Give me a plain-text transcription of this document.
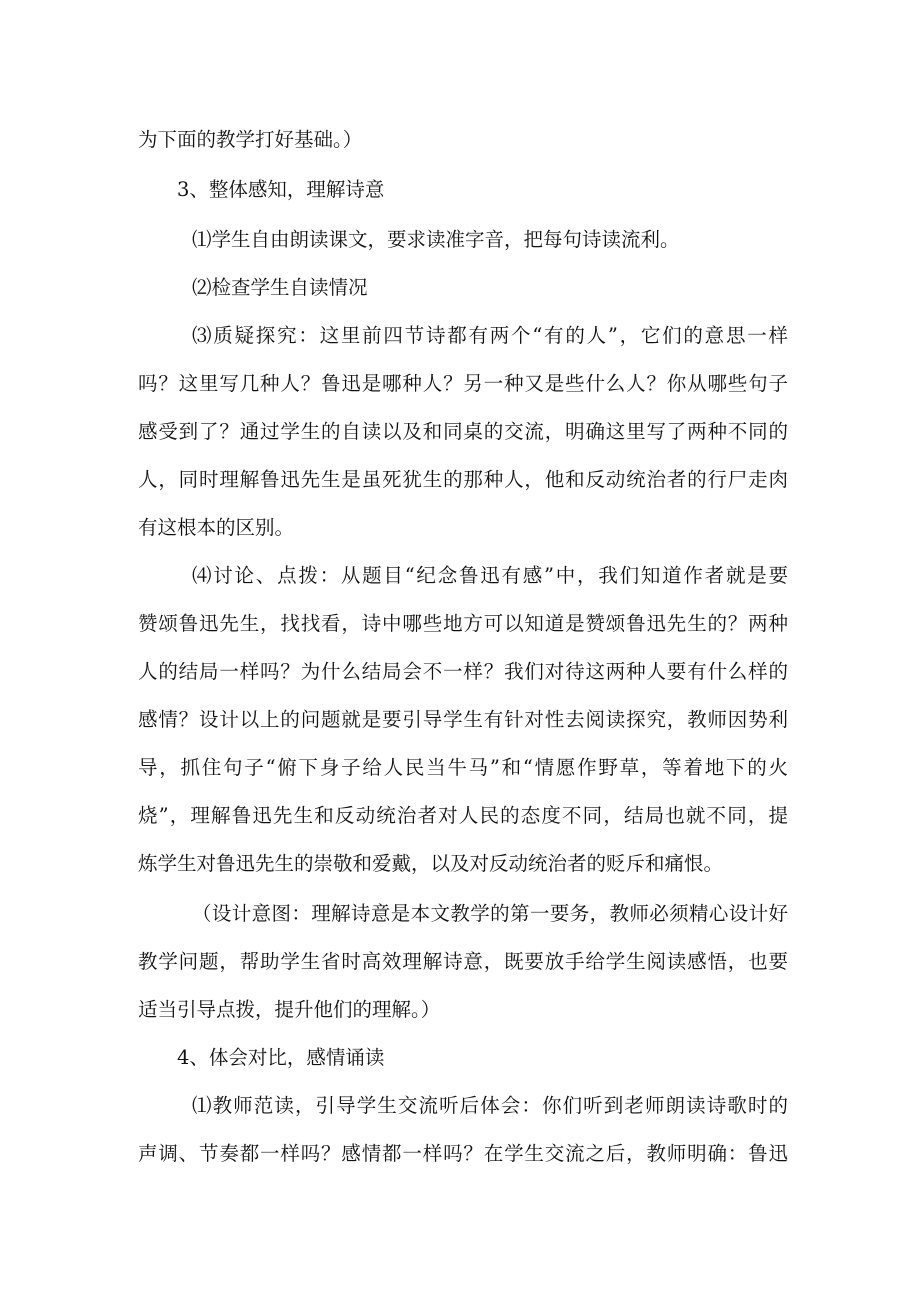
为下面的教学打好基础。）
3、整体感知，理解诗意
⑴学生自由朗读课文，要求读准字音，把每句诗读流利。
⑵检查学生自读情况
⑶质疑探究：这里前四节诗都有两个“有的人”，它们的意思一样
吗？这里写几种人？鲁迅是哪种人？另一种又是些什么人？你从哪些句子
感受到了？通过学生的自读以及和同桌的交流，明确这里写了两种不同的
人，同时理解鲁迅先生是虽死犹生的那种人，他和反动统治者的行尸走肉
有这根本的区别。
⑷讨论、点拨：从题目“纪念鲁迅有感”中，我们知道作者就是要
赞颂鲁迅先生，找找看，诗中哪些地方可以知道是赞颂鲁迅先生的？两种
人的结局一样吗？为什么结局会不一样？我们对待这两种人要有什么样的
感情？设计以上的问题就是要引导学生有针对性去阅读探究，教师因势利
导，抓住句子“俯下身子给人民当牛马”和“情愿作野草，等着地下的火
烧”，理解鲁迅先生和反动统治者对人民的态度不同，结局也就不同，提
炼学生对鲁迅先生的崇敬和爱戴，以及对反动统治者的贬斥和痛恨。
（设计意图：理解诗意是本文教学的第一要务，教师必须精心设计好
教学问题，帮助学生省时高效理解诗意，既要放手给学生阅读感悟，也要
适当引导点拨，提升他们的理解。）
4、体会对比，感情诵读
⑴教师范读，引导学生交流听后体会：你们听到老师朗读诗歌时的
声调、节奏都一样吗？感情都一样吗？在学生交流之后，教师明确：鲁迅
